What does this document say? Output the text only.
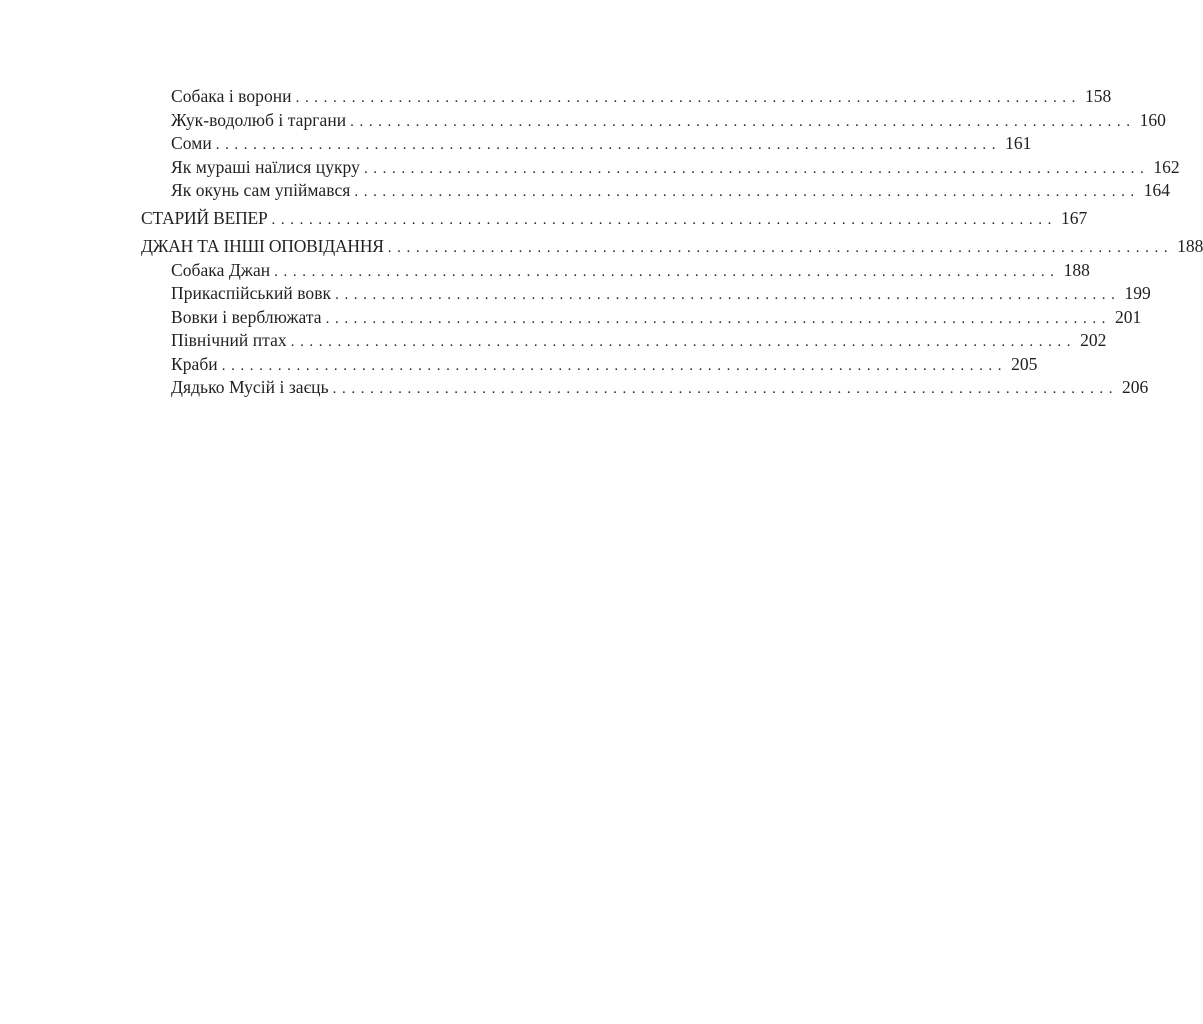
Собака і ворони .................................................................................... 158
Жук-водолюб і таргани .................................................................................... 160
Соми .................................................................................... 161
Як мураші наїлися цукру .................................................................................... 162
Як окунь сам упіймався .................................................................................... 164
СТАРИЙ ВЕПЕР .................................................................................... 167
ДЖАН ТА ІНШІ ОПОВІДАННЯ .................................................................................... 188
Собака Джан .................................................................................... 188
Прикаспійський вовк .................................................................................... 199
Вовки і верблюжата .................................................................................... 201
Північний птах .................................................................................... 202
Краби .................................................................................... 205
Дядько Мусій і заєць .................................................................................... 206
